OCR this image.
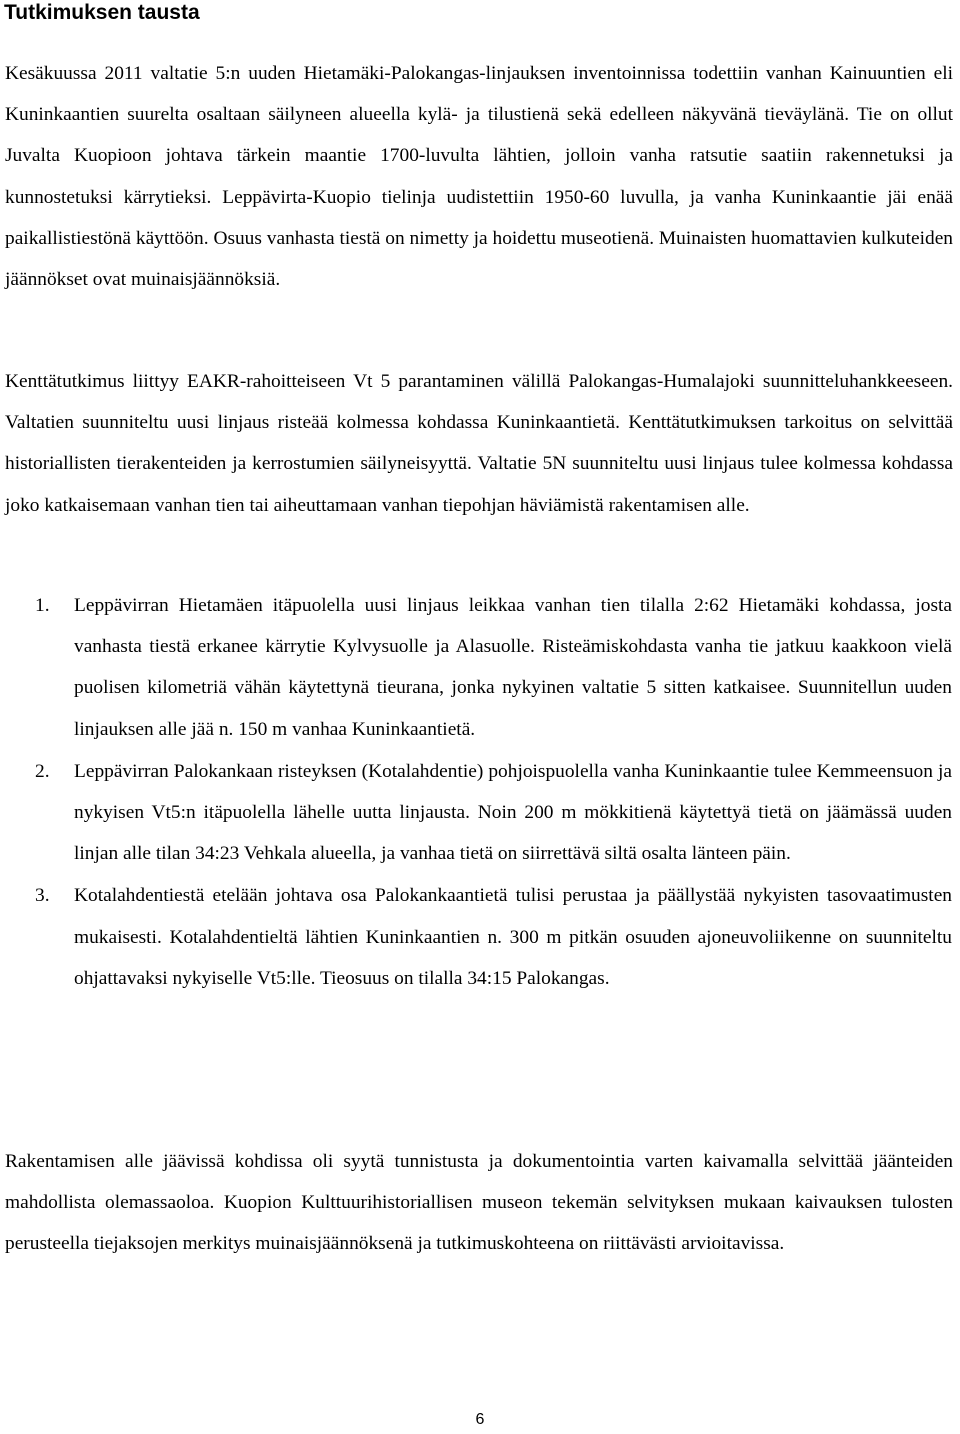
Tutkimuksen tausta

Kesäkuussa 2011 valtatie 5:n uuden Hietamäki-Palokangas-linjauksen inventoinnissa todettiin vanhan Kainuuntien eli Kuninkaantien suurelta osaltaan säilyneen alueella kylä- ja tilustienä sekä edelleen näkyvänä tieväylänä. Tie on ollut Juvalta Kuopioon johtava tärkein maantie 1700-luvulta lähtien, jolloin vanha ratsutie saatiin rakennetuksi ja kunnostetuksi kärrytieksi. Leppävirta-Kuopio tielinja uudistettiin 1950-60 luvulla, ja vanha Kuninkaantie jäi enää paikallistiestönä käyttöön. Osuus vanhasta tiestä on nimetty ja hoidettu museotienä. Muinaisten huomattavien kulkuteiden jäännökset ovat muinaisjäännöksiä.

Kenttätutkimus liittyy EAKR-rahoitteiseen Vt 5 parantaminen välillä Palokangas-Humalajoki suunnitteluhankkeeseen. Valtatien suunniteltu uusi linjaus risteää kolmessa kohdassa Kuninkaantietä. Kenttätutkimuksen tarkoitus on selvittää historiallisten tierakenteiden ja kerrostumien säilyneisyyttä. Valtatie 5N suunniteltu uusi linjaus tulee kolmessa kohdassa joko katkaisemaan vanhan tien tai aiheuttamaan vanhan tiepohjan häviämistä rakentamisen alle.

1. Leppävirran Hietamäen itäpuolella uusi linjaus leikkaa vanhan tien tilalla 2:62 Hietamäki kohdassa, josta vanhasta tiestä erkanee kärrytie Kylvysuolle ja Alasuolle. Risteämiskohdasta vanha tie jatkuu kaakkoon vielä puolisen kilometriä vähän käytettynä tieurana, jonka nykyinen valtatie 5 sitten katkaisee. Suunnitellun uuden linjauksen alle jää n. 150 m vanhaa Kuninkaantietä.
2. Leppävirran Palokankaan risteyksen (Kotalahdentie) pohjoispuolella vanha Kuninkaantie tulee Kemmeensuon ja nykyisen Vt5:n itäpuolella lähelle uutta linjausta. Noin 200 m mökkitienä käytettyä tietä on jäämässä uuden linjan alle tilan 34:23 Vehkala alueella, ja vanhaa tietä on siirrettävä siltä osalta länteen päin.
3. Kotalahdentiestä etelään johtava osa Palokankaantietä tulisi perustaa ja päällystää nykyisten tasovaatimusten mukaisesti. Kotalahdentieltä lähtien Kuninkaantien n. 300 m pitkän osuuden ajoneuvoliikenne on suunniteltu ohjattavaksi nykyiselle Vt5:lle. Tieosuus on tilalla 34:15 Palokangas.

Rakentamisen alle jäävissä kohdissa oli syytä tunnistusta ja dokumentointia varten kaivamalla selvittää jäänteiden mahdollista olemassaoloa. Kuopion Kulttuurihistoriallisen museon tekemän selvityksen mukaan kaivauksen tulosten perusteella tiejaksojen merkitys muinaisjäännöksenä ja tutkimuskohteena on riittävästi arvioitavissa.

6
